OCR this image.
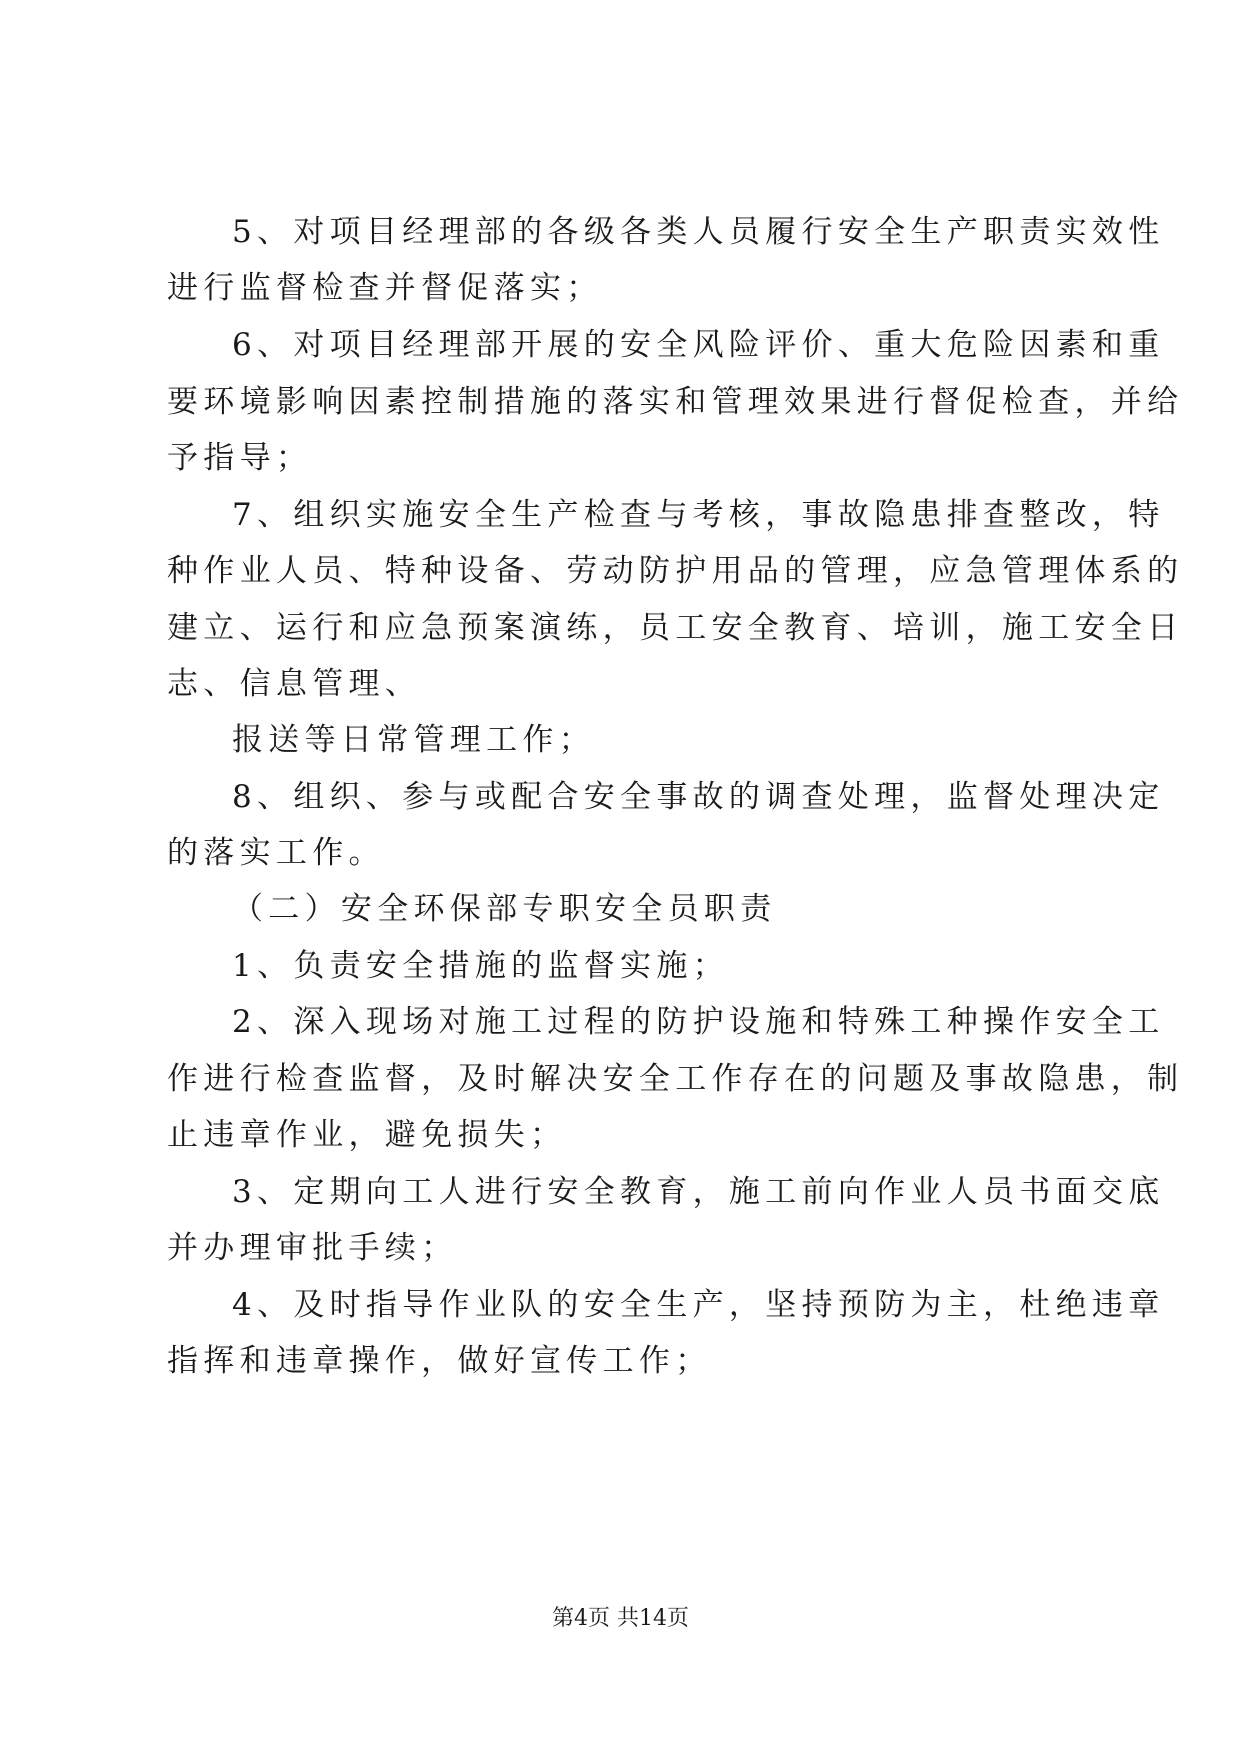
5、对项目经理部的各级各类人员履行安全生产职责实效性
进行监督检查并督促落实；
6、对项目经理部开展的安全风险评价、重大危险因素和重
要环境影响因素控制措施的落实和管理效果进行督促检查，并给
予指导；
7、组织实施安全生产检查与考核，事故隐患排查整改，特
种作业人员、特种设备、劳动防护用品的管理，应急管理体系的
建立、运行和应急预案演练，员工安全教育、培训，施工安全日
志、信息管理、
报送等日常管理工作；
8、组织、参与或配合安全事故的调查处理，监督处理决定
的落实工作。
（二）安全环保部专职安全员职责
1、负责安全措施的监督实施；
2、深入现场对施工过程的防护设施和特殊工种操作安全工
作进行检查监督，及时解决安全工作存在的问题及事故隐患，制
止违章作业，避免损失；
3、定期向工人进行安全教育，施工前向作业人员书面交底
并办理审批手续；
4、及时指导作业队的安全生产，坚持预防为主，杜绝违章
指挥和违章操作，做好宣传工作；
第4页 共14页
